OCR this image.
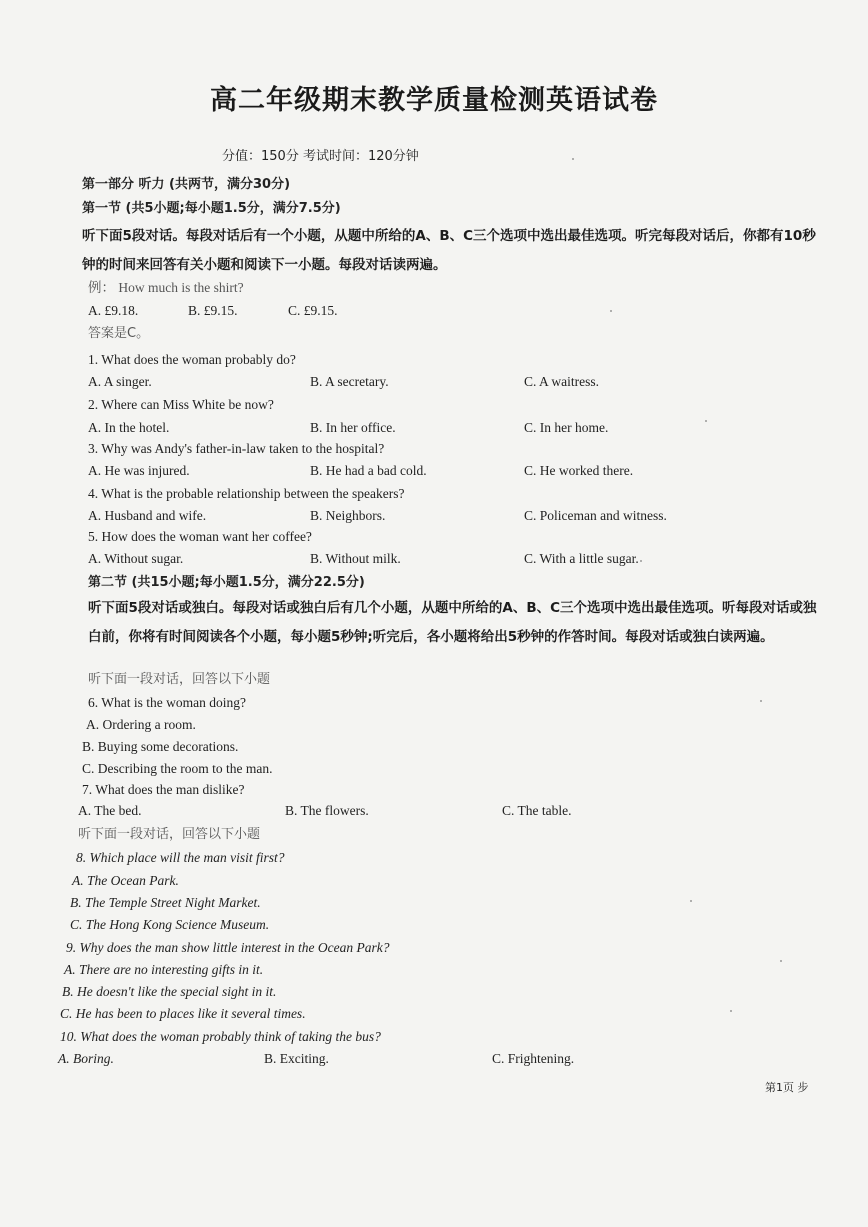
高二年级期末教学质量检测英语试卷
分值：150分 考试时间：120分钟
第一部分 听力 (共两节，满分30分)
第一节 (共5小题;每小题1.5分，满分7.5分)
听下面5段对话。每段对话后有一个小题，从题中所给的A、B、C三个选项中选出最佳选项。听完每段对话后，你都有10秒钟的时间来回答有关小题和阅读下一小题。每段对话读两遍。
例： How much is the shirt?
A. £9.18.	B. £9.15.	C. £9.15.
答案是C。
1. What does the woman probably do?
A. A singer.	B. A secretary.	C. A waitress.
2. Where can Miss White be now?
A. In the hotel.	B. In her office.	C. In her home.
3. Why was Andy's father-in-law taken to the hospital?
A. He was injured.	B. He had a bad cold.	C. He worked there.
4. What is the probable relationship between the speakers?
A. Husband and wife.	B. Neighbors.	C. Policeman and witness.
5. How does the woman want her coffee?
A. Without sugar.	B. Without milk.	C. With a little sugar.
第二节 (共15小题;每小题1.5分，满分22.5分)
听下面5段对话或独白。每段对话或独白后有几个小题，从题中所给的A、B、C三个选项中选出最佳选项。听每段对话或独白前，你将有时间阅读各个小题，每小题5秒钟;听完后，各小题将给出5秒钟的作答时间。每段对话或独白读两遍。
听下面一段对话，回答以下小题
6. What is the woman doing?
A. Ordering a room.
B. Buying some decorations.
C. Describing the room to the man.
7. What does the man dislike?
A. The bed.	B. The flowers.	C. The table.
听下面一段对话，回答以下小题
8. Which place will the man visit first?
A. The Ocean Park.
B. The Temple Street Night Market.
C. The Hong Kong Science Museum.
9. Why does the man show little interest in the Ocean Park?
A. There are no interesting gifts in it.
B. He doesn't like the special sight in it.
C. He has been to places like it several times.
10. What does the woman probably think of taking the bus?
A. Boring.	B. Exciting.	C. Frightening.
第1页 步
